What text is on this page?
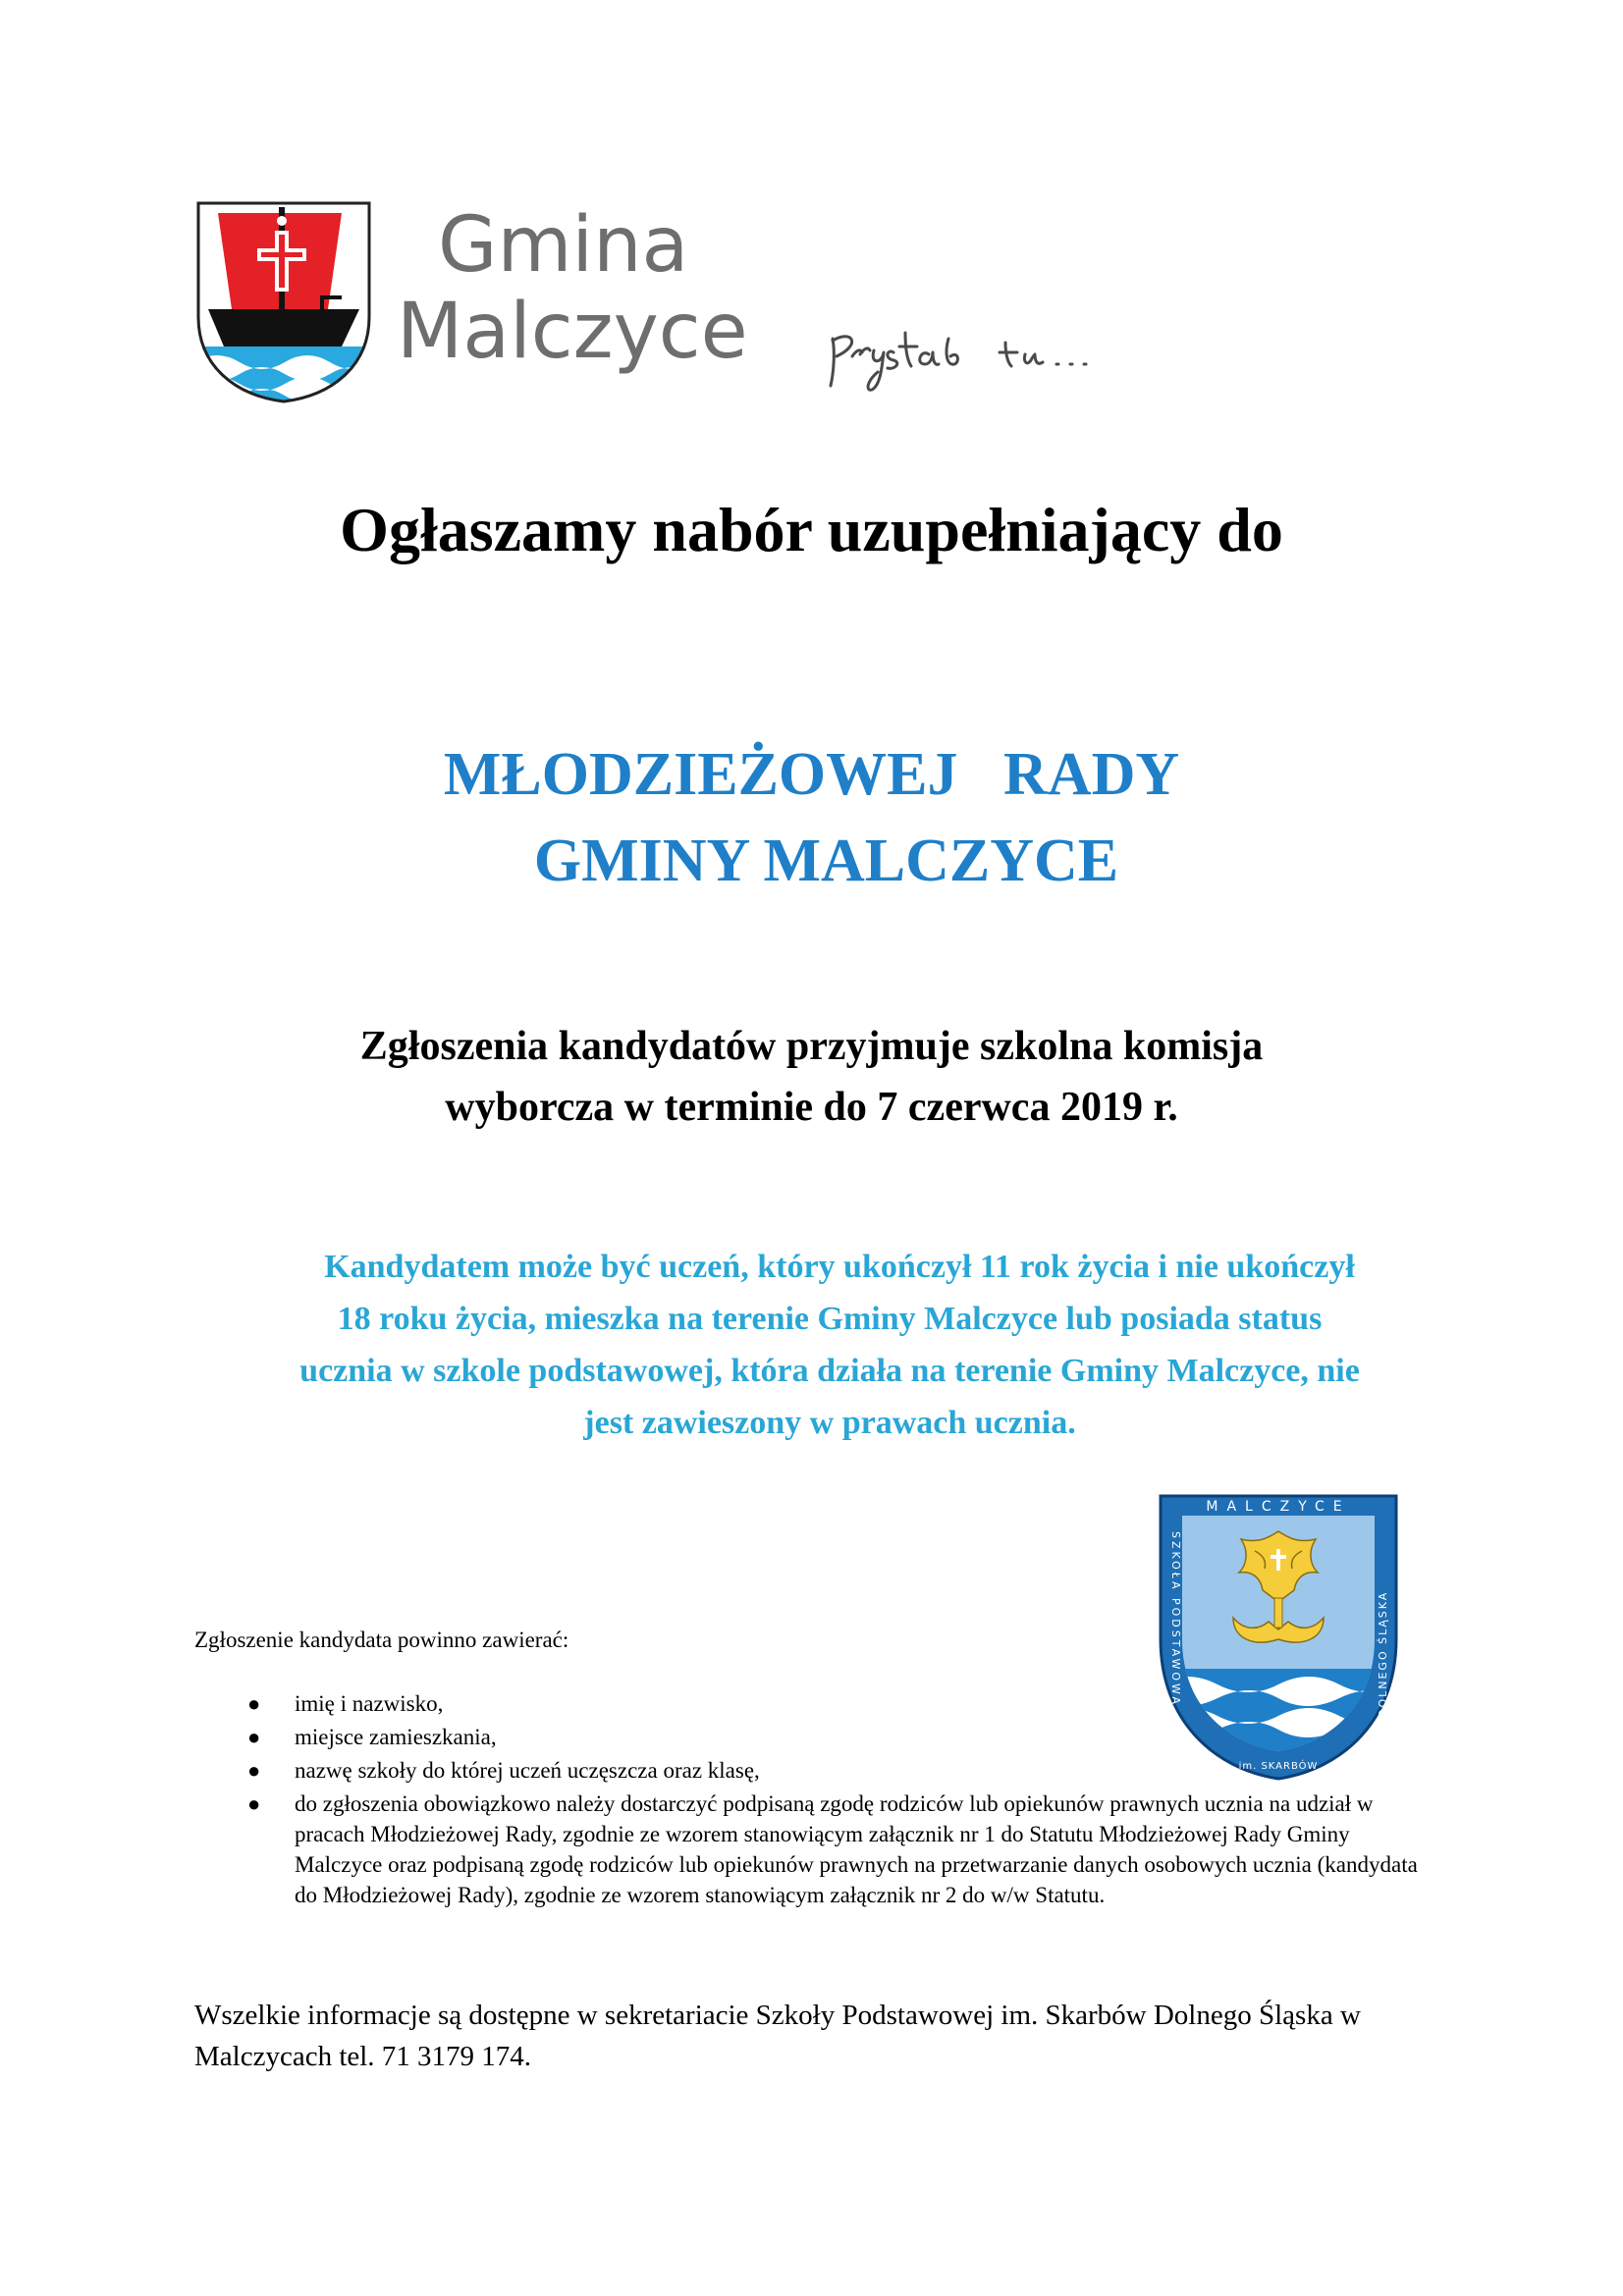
Gmina
Malczyce
Ogłaszamy nabór uzupełniający do
MŁODZIEŻOWEJ   RADY
GMINY MALCZYCE
Zgłoszenia kandydatów przyjmuje szkolna komisja
wyborcza w terminie do 7 czerwca 2019 r.
Kandydatem może być uczeń, który ukończył 11 rok życia i nie ukończył
18 roku życia, mieszka na terenie Gminy Malczyce lub posiada status
ucznia w szkole podstawowej, która działa na terenie Gminy Malczyce, nie
jest zawieszony w prawach ucznia.
MALCZYCE
SZKOŁA PODSTAWOWA	DOLNEGO ŚLĄSKA
im. SKARBÓW
Zgłoszenie kandydata powinno zawierać:
● imię i nazwisko,
● miejsce zamieszkania,
● nazwę szkoły do której uczeń uczęszcza oraz klasę,
● do zgłoszenia obowiązkowo należy dostarczyć podpisaną zgodę rodziców lub opiekunów prawnych ucznia na udział w pracach Młodzieżowej Rady, zgodnie ze wzorem stanowiącym załącznik nr 1 do Statutu Młodzieżowej Rady Gminy Malczyce oraz podpisaną zgodę rodziców lub opiekunów prawnych na przetwarzanie danych osobowych ucznia (kandydata do Młodzieżowej Rady), zgodnie ze wzorem stanowiącym załącznik nr 2 do w/w Statutu.
Wszelkie informacje są dostępne w sekretariacie Szkoły Podstawowej im. Skarbów Dolnego Śląska w Malczycach tel. 71 3179 174.
